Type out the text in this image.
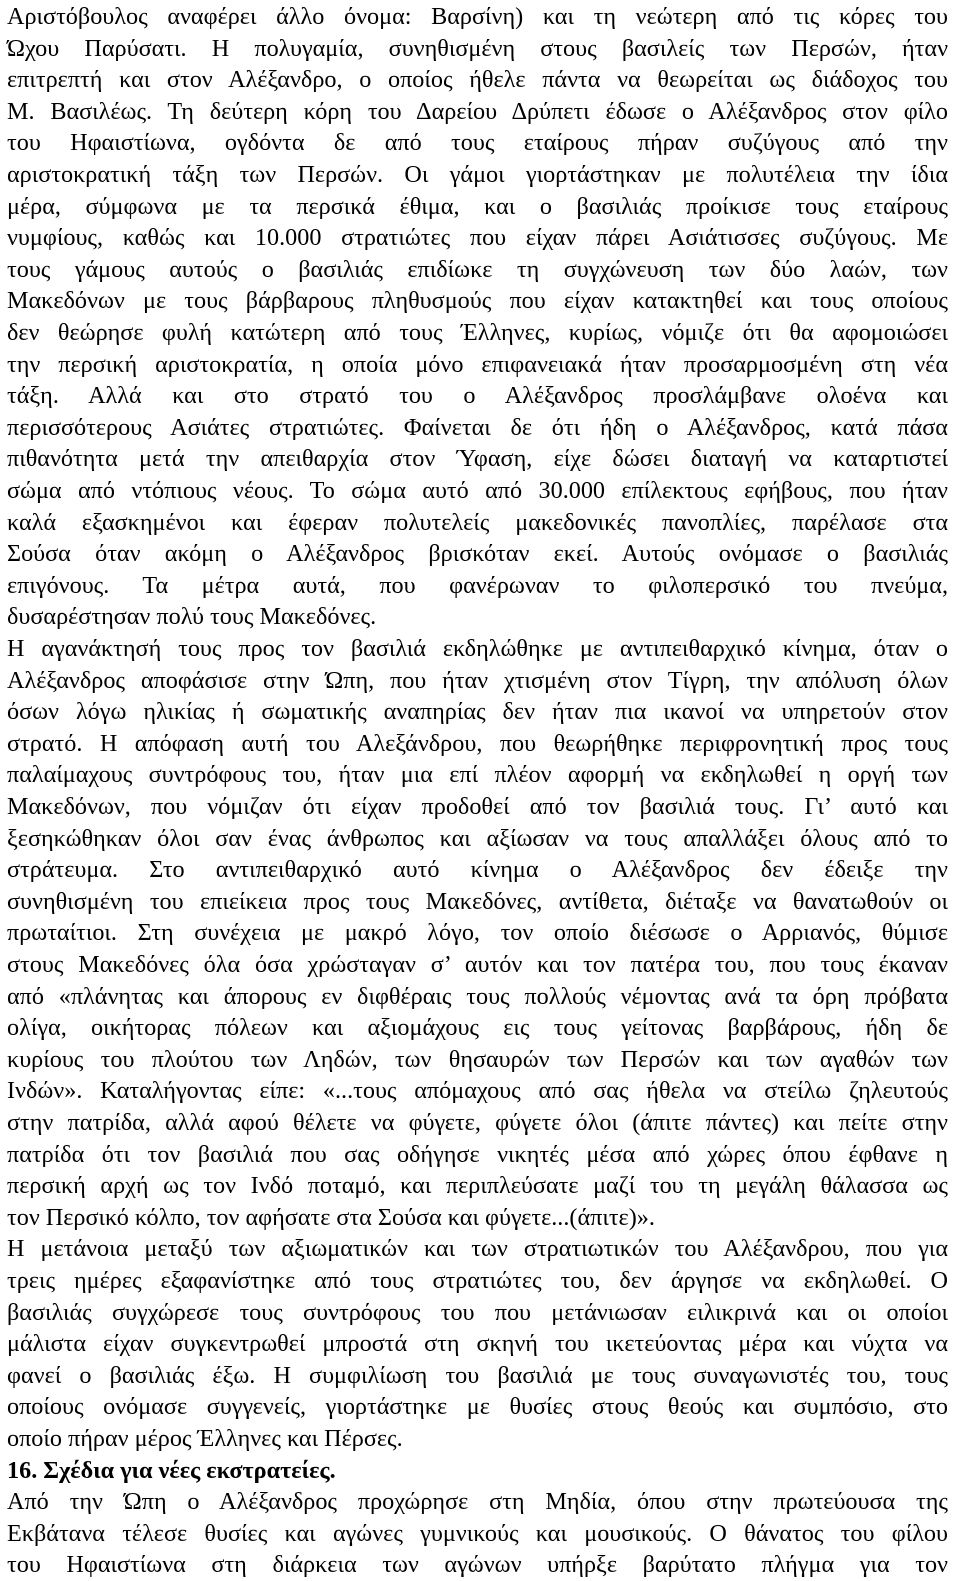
Αριστόβουλος αναφέρει άλλο όνομα: Βαρσίνη) και τη νεώτερη από τις κόρες του
Ώχου Παρύσατι. Η πολυγαμία, συνηθισμένη στους βασιλείς των Περσών, ήταν
επιτρεπτή και στον Αλέξανδρο, ο οποίος ήθελε πάντα να θεωρείται ως διάδοχος του
Μ. Βασιλέως. Τη δεύτερη κόρη του Δαρείου Δρύπετι έδωσε ο Αλέξανδρος στον φίλο
του Ηφαιστίωνα, ογδόντα δε από τους εταίρους πήραν συζύγους από την
αριστοκρατική τάξη των Περσών. Οι γάμοι γιορτάστηκαν με πολυτέλεια την ίδια
μέρα, σύμφωνα με τα περσικά έθιμα, και ο βασιλιάς προίκισε τους εταίρους
νυμφίους, καθώς και 10.000 στρατιώτες που είχαν πάρει Ασιάτισσες συζύγους. Με
τους γάμους αυτούς ο βασιλιάς επιδίωκε τη συγχώνευση των δύο λαών, των
Μακεδόνων με τους βάρβαρους πληθυσμούς που είχαν κατακτηθεί και τους οποίους
δεν θεώρησε φυλή κατώτερη από τους Έλληνες, κυρίως, νόμιζε ότι θα αφομοιώσει
την περσική αριστοκρατία, η οποία μόνο επιφανειακά ήταν προσαρμοσμένη στη νέα
τάξη. Αλλά και στο στρατό του ο Αλέξανδρος προσλάμβανε ολοένα και
περισσότερους Ασιάτες στρατιώτες. Φαίνεται δε ότι ήδη ο Αλέξανδρος, κατά πάσα
πιθανότητα μετά την απειθαρχία στον Ύφαση, είχε δώσει διαταγή να καταρτιστεί
σώμα από ντόπιους νέους. Το σώμα αυτό από 30.000 επίλεκτους εφήβους, που ήταν
καλά εξασκημένοι και έφεραν πολυτελείς μακεδονικές πανοπλίες, παρέλασε στα
Σούσα όταν ακόμη ο Αλέξανδρος βρισκόταν εκεί. Αυτούς ονόμασε ο βασιλιάς
επιγόνους. Τα μέτρα αυτά, που φανέρωναν το φιλοπερσικό του πνεύμα,
δυσαρέστησαν πολύ τους Μακεδόνες.
Η αγανάκτησή τους προς τον βασιλιά εκδηλώθηκε με αντιπειθαρχικό κίνημα, όταν ο
Αλέξανδρος αποφάσισε στην Ώπη, που ήταν χτισμένη στον Τίγρη, την απόλυση όλων
όσων λόγω ηλικίας ή σωματικής αναπηρίας δεν ήταν πια ικανοί να υπηρετούν στον
στρατό. Η απόφαση αυτή του Αλεξάνδρου, που θεωρήθηκε περιφρονητική προς τους
παλαίμαχους συντρόφους του, ήταν μια επί πλέον αφορμή να εκδηλωθεί η οργή των
Μακεδόνων, που νόμιζαν ότι είχαν προδοθεί από τον βασιλιά τους. Γι’ αυτό και
ξεσηκώθηκαν όλοι σαν ένας άνθρωπος και αξίωσαν να τους απαλλάξει όλους από το
στράτευμα. Στο αντιπειθαρχικό αυτό κίνημα ο Αλέξανδρος δεν έδειξε την
συνηθισμένη του επιείκεια προς τους Μακεδόνες, αντίθετα, διέταξε να θανατωθούν οι
πρωταίτιοι. Στη συνέχεια με μακρό λόγο, τον οποίο διέσωσε ο Αρριανός, θύμισε
στους Μακεδόνες όλα όσα χρώσταγαν σ’ αυτόν και τον πατέρα του, που τους έκαναν
από «πλάνητας και άπορους εν διφθέραις τους πολλούς νέμοντας ανά τα όρη πρόβατα
ολίγα, οικήτορας πόλεων και αξιομάχους εις τους γείτονας βαρβάρους, ήδη δε
κυρίους του πλούτου των Ληδών, των θησαυρών των Περσών και των αγαθών των
Ινδών». Καταλήγοντας είπε: «...τους απόμαχους από σας ήθελα να στείλω ζηλευτούς
στην πατρίδα, αλλά αφού θέλετε να φύγετε, φύγετε όλοι (άπιτε πάντες) και πείτε στην
πατρίδα ότι τον βασιλιά που σας οδήγησε νικητές μέσα από χώρες όπου έφθανε η
περσική αρχή ως τον Ινδό ποταμό, και περιπλεύσατε μαζί του τη μεγάλη θάλασσα ως
τον Περσικό κόλπο, τον αφήσατε στα Σούσα και φύγετε...(άπιτε)».
Η μετάνοια μεταξύ των αξιωματικών και των στρατιωτικών του Αλέξανδρου, που για
τρεις ημέρες εξαφανίστηκε από τους στρατιώτες του, δεν άργησε να εκδηλωθεί. Ο
βασιλιάς συγχώρεσε τους συντρόφους του που μετάνιωσαν ειλικρινά και οι οποίοι
μάλιστα είχαν συγκεντρωθεί μπροστά στη σκηνή του ικετεύοντας μέρα και νύχτα να
φανεί ο βασιλιάς έξω. Η συμφιλίωση του βασιλιά με τους συναγωνιστές του, τους
οποίους ονόμασε συγγενείς, γιορτάστηκε με θυσίες στους θεούς και συμπόσιο, στο
οποίο πήραν μέρος Έλληνες και Πέρσες.
16. Σχέδια για νέες εκστρατείες.
Από την Ώπη ο Αλέξανδρος προχώρησε στη Μηδία, όπου στην πρωτεύουσα της
Εκβάτανα τέλεσε θυσίες και αγώνες γυμνικούς και μουσικούς. Ο θάνατος του φίλου
του Ηφαιστίωνα στη διάρκεια των αγώνων υπήρξε βαρύτατο πλήγμα για τον
